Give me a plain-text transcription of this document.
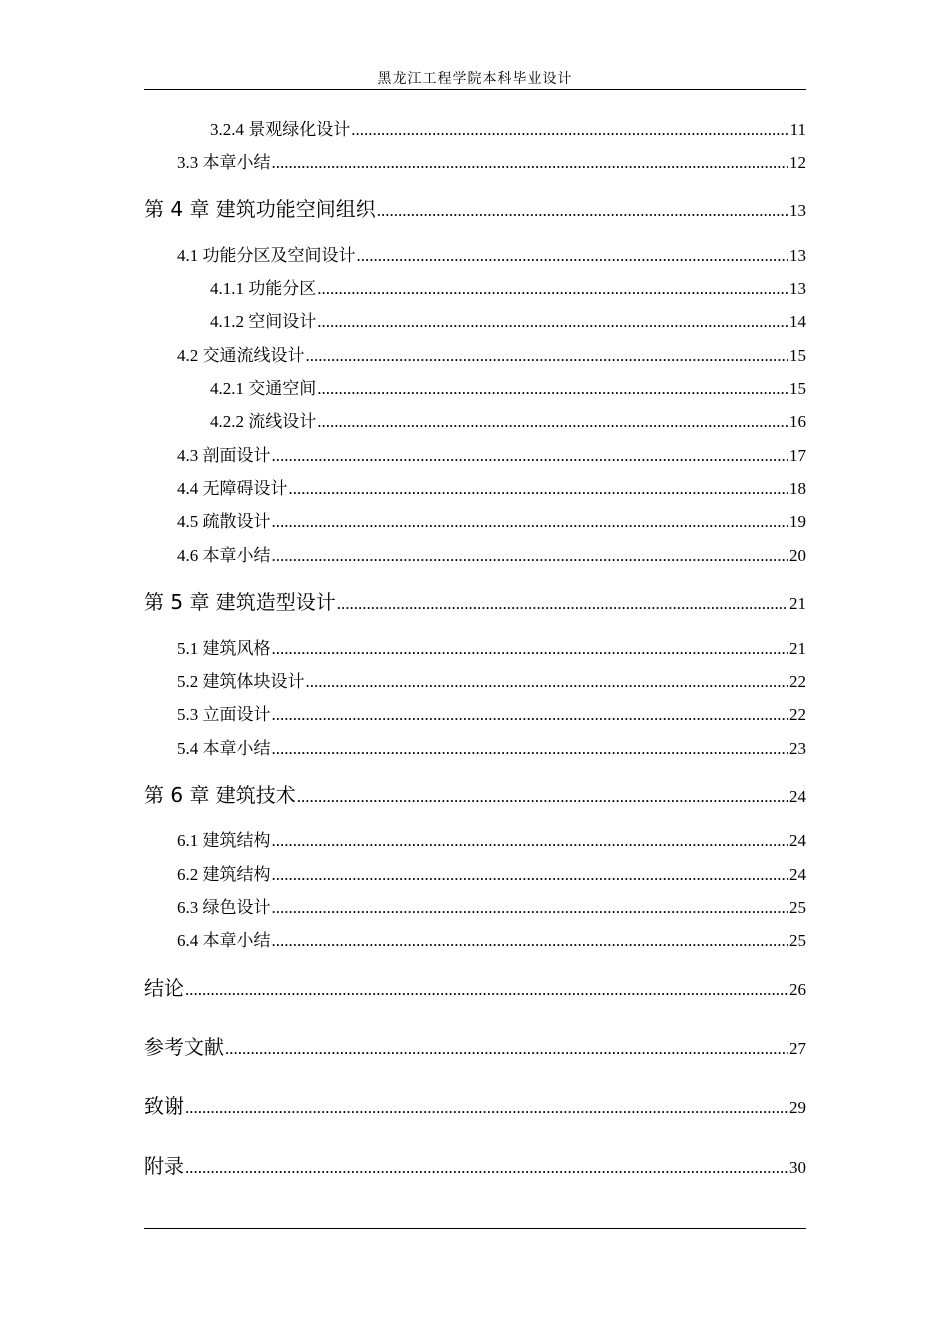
黑龙江工程学院本科毕业设计
3.2.4 景观绿化设计 .....	11
3.3 本章小结 .....	12
第 4 章 建筑功能空间组织 .....	13
4.1 功能分区及空间设计 .....	13
4.1.1 功能分区 .....	13
4.1.2 空间设计 .....	14
4.2 交通流线设计 .....	15
4.2.1 交通空间 .....	15
4.2.2 流线设计 .....	16
4.3 剖面设计 .....	17
4.4 无障碍设计 .....	18
4.5 疏散设计 .....	19
4.6 本章小结 .....	20
第 5 章 建筑造型设计 .....	21
5.1 建筑风格 .....	21
5.2 建筑体块设计 .....	22
5.3 立面设计 .....	22
5.4 本章小结 .....	23
第 6 章 建筑技术 .....	24
6.1 建筑结构 .....	24
6.2 建筑结构 .....	24
6.3 绿色设计 .....	25
6.4 本章小结 .....	25
结论 .....	26
参考文献 .....	27
致谢 .....	29
附录 .....	30
